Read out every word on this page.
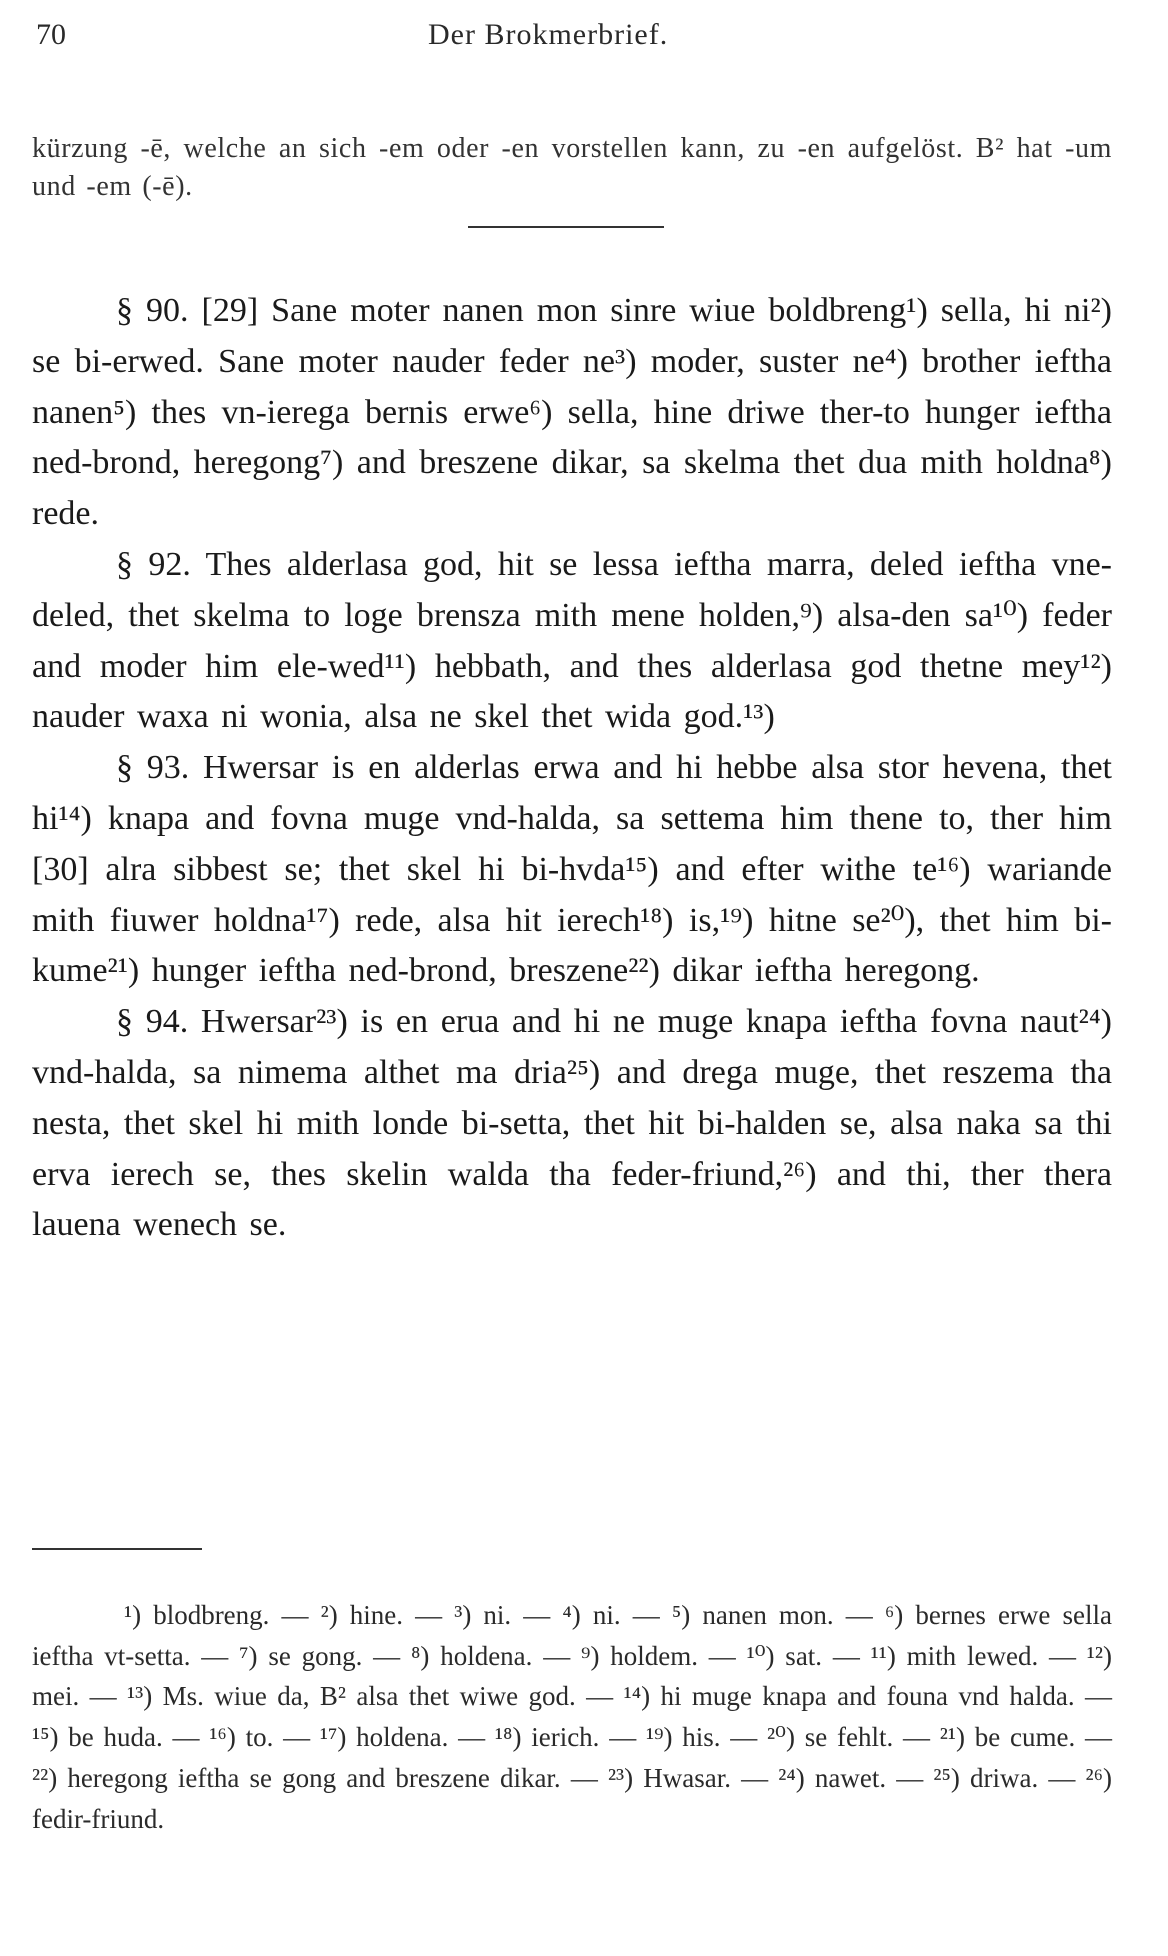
70	Der Brokmerbrief.

kürzung -ē, welche an sich -em oder -en vorstellen kann, zu -en aufgelöst. B² hat -um und -em (-ē).

§ 90. [29] Sane moter nanen mon sinre wiue boldbreng¹) sella, hi ni²) se bi-erwed. Sane moter nauder feder ne³) moder, suster ne⁴) brother ieftha nanen⁵) thes vn-ierega bernis erwe⁶) sella, hine driwe ther-to hunger ieftha ned-brond, heregong⁷) and breszene dikar, sa skelma thet dua mith holdna⁸) rede.

§ 92. Thes alderlasa god, hit se lessa ieftha marra, deled ieftha vne-deled, thet skelma to loge brensza mith mene holden,⁹) alsa-den sa¹⁰) feder and moder him ele-wed¹¹) hebbath, and thes alderlasa god thetne mey¹²) nauder waxa ni wonia, alsa ne skel thet wida god.¹³)

§ 93. Hwersar is en alderlas erwa and hi hebbe alsa stor hevena, thet hi¹⁴) knapa and fovna muge vnd-halda, sa settema him thene to, ther him [30] alra sibbest se; thet skel hi bi-hvda¹⁵) and efter withe te¹⁶) wariande mith fiuwer holdna¹⁷) rede, alsa hit ierech¹⁸) is,¹⁹) hitne se²⁰), thet him bi-kume²¹) hunger ieftha ned-brond, breszene²²) dikar ieftha heregong.

§ 94. Hwersar²³) is en erua and hi ne muge knapa ieftha fovna naut²⁴) vnd-halda, sa nimema althet ma dria²⁵) and drega muge, thet reszema tha nesta, thet skel hi mith londe bi-setta, thet hit bi-halden se, alsa naka sa thi erva ierech se, thes skelin walda tha feder-friund,²⁶) and thi, ther thera lauena wenech se.

¹) blodbreng. — ²) hine. — ³) ni. — ⁴) ni. — ⁵) nanen mon. — ⁶) bernes erwe sella ieftha vt-setta. — ⁷) se gong. — ⁸) holdena. — ⁹) holdem. — ¹⁰) sat. — ¹¹) mith lewed. — ¹²) mei. — ¹³) Ms. wiue da, B² alsa thet wiwe god. — ¹⁴) hi muge knapa and founa vnd halda. — ¹⁵) be huda. — ¹⁶) to. — ¹⁷) holdena. — ¹⁸) ierich. — ¹⁹) his. — ²⁰) se fehlt. — ²¹) be cume. — ²²) heregong ieftha se gong and breszene dikar. — ²³) Hwasar. — ²⁴) nawet. — ²⁵) driwa. — ²⁶) fedir-friund.
